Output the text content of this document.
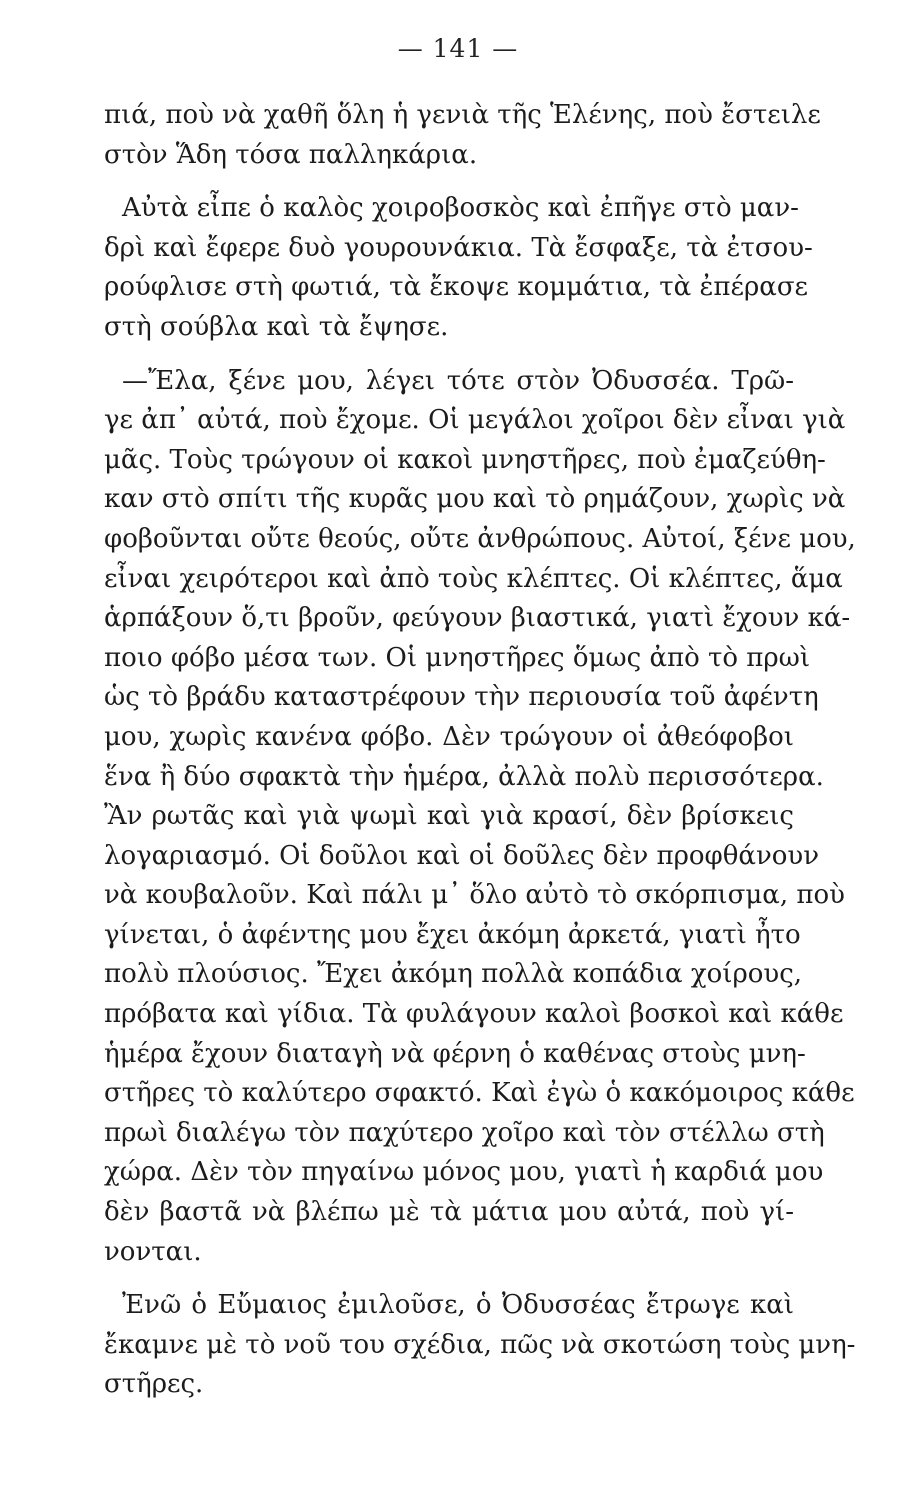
— 141 —
πιά, ποὺ νὰ χαθῆ ὅλη ἡ γενιὰ τῆς Ἑλένης, ποὺ ἔστειλε
στὸν Ἅδη τόσα παλληκάρια.
Αὐτὰ εἶπε ὁ καλὸς χοιροβοσκὸς καὶ ἐπῆγε στὸ μαν-
δρὶ καὶ ἔφερε δυὸ γουρουνάκια. Τὰ ἔσφαξε, τὰ ἐτσου-
ρούφλισε στὴ φωτιά, τὰ ἔκοψε κομμάτια, τὰ ἐπέρασε
στὴ σούβλα καὶ τὰ ἔψησε.
—Ἔλα, ξένε μου, λέγει τότε στὸν Ὀδυσσέα. Τρῶ-
γε ἀπ᾽ αὐτά, ποὺ ἔχομε. Οἱ μεγάλοι χοῖροι δὲν εἶναι γιὰ
μᾶς. Τοὺς τρώγουν οἱ κακοὶ μνηστῆρες, ποὺ ἐμαζεύθη-
καν στὸ σπίτι τῆς κυρᾶς μου καὶ τὸ ρημάζουν, χωρὶς νὰ
φοβοῦνται οὔτε θεούς, οὔτε ἀνθρώπους. Αὐτοί, ξένε μου,
εἶναι χειρότεροι καὶ ἀπὸ τοὺς κλέπτες. Οἱ κλέπτες, ἅμα
ἁρπάξουν ὅ,τι βροῦν, φεύγουν βιαστικά, γιατὶ ἔχουν κά-
ποιο φόβο μέσα των. Οἱ μνηστῆρες ὅμως ἀπὸ τὸ πρωὶ
ὡς τὸ βράδυ καταστρέφουν τὴν περιουσία τοῦ ἀφέντη
μου, χωρὶς κανένα φόβο. Δὲν τρώγουν οἱ ἀθεόφοβοι
ἕνα ἢ δύο σφακτὰ τὴν ἡμέρα, ἀλλὰ πολὺ περισσότερα.
Ἂν ρωτᾶς καὶ γιὰ ψωμὶ καὶ γιὰ κρασί, δὲν βρίσκεις
λογαριασμό. Οἱ δοῦλοι καὶ οἱ δοῦλες δὲν προφθάνουν
νὰ κουβαλοῦν. Καὶ πάλι μ᾽ ὅλο αὐτὸ τὸ σκόρπισμα, ποὺ
γίνεται, ὁ ἀφέντης μου ἔχει ἀκόμη ἀρκετά, γιατὶ ἦτο
πολὺ πλούσιος. Ἔχει ἀκόμη πολλὰ κοπάδια χοίρους,
πρόβατα καὶ γίδια. Τὰ φυλάγουν καλοὶ βοσκοὶ καὶ κάθε
ἡμέρα ἔχουν διαταγὴ νὰ φέρνη ὁ καθένας στοὺς μνη-
στῆρες τὸ καλύτερο σφακτό. Καὶ ἐγὼ ὁ κακόμοιρος κάθε
πρωὶ διαλέγω τὸν παχύτερο χοῖρο καὶ τὸν στέλλω στὴ
χώρα. Δὲν τὸν πηγαίνω μόνος μου, γιατὶ ἡ καρδιά μου
δὲν βαστᾶ νὰ βλέπω μὲ τὰ μάτια μου αὐτά, ποὺ γί-
νονται.
Ἐνῶ ὁ Εὔμαιος ἐμιλοῦσε, ὁ Ὀδυσσέας ἔτρωγε καὶ
ἔκαμνε μὲ τὸ νοῦ του σχέδια, πῶς νὰ σκοτώση τοὺς μνη-
στῆρες.
